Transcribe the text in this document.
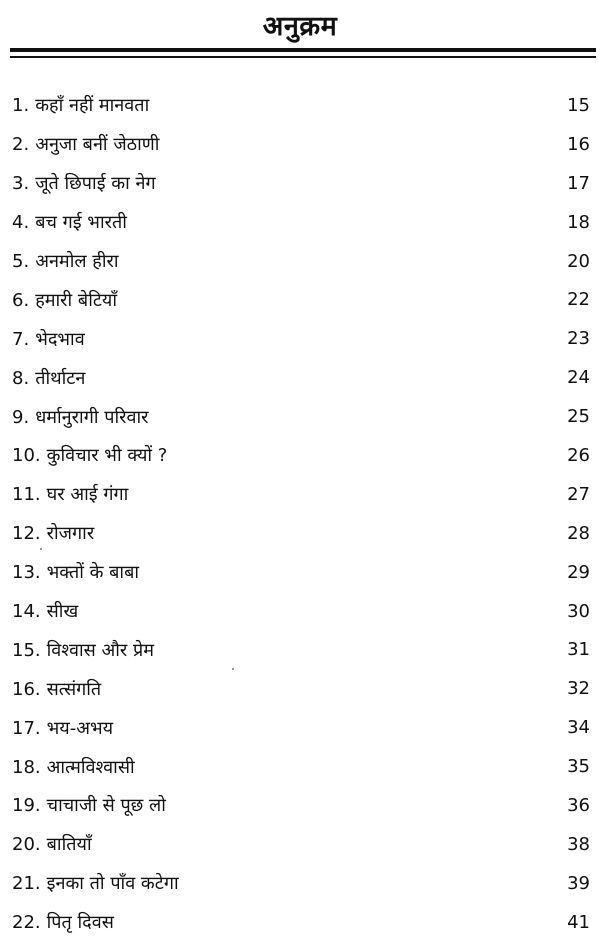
अनुक्रम
1. कहाँ नहीं मानवता	15
2. अनुजा बनीं जेठाणी	16
3. जूते छिपाई का नेग	17
4. बच गई भारती	18
5. अनमोल हीरा	20
6. हमारी बेटियाँ	22
7. भेदभाव	23
8. तीर्थाटन	24
9. धर्मानुरागी परिवार	25
10. कुविचार भी क्यों ?	26
11. घर आई गंगा	27
12. रोजगार	28
13. भक्तों के बाबा	29
14. सीख	30
15. विश्वास और प्रेम	31
16. सत्संगति	32
17. भय-अभय	34
18. आत्मविश्वासी	35
19. चाचाजी से पूछ लो	36
20. बातियाँ	38
21. इनका तो पाँव कटेगा	39
22. पितृ दिवस	41
